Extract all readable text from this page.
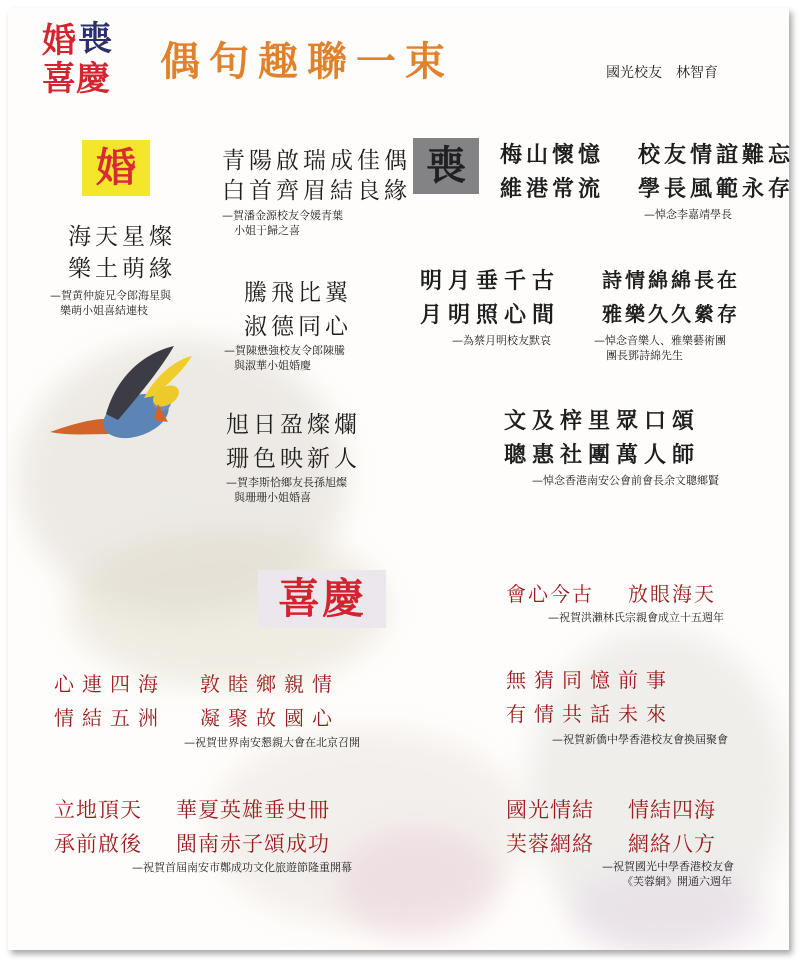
婚 喪
喜慶 偶句趣聯一束	國光校友 林智育
婚	喪
喜慶
青陽啟瑞成佳偶
白首齊眉結良緣
—賀潘金源校友令媛青葉
小姐于歸之喜
海天星燦
樂土萌緣
—賀黄仲旋兄令郎海星與
樂萌小姐喜結連枝
騰飛比翼
淑德同心
—賀陳懋強校友令郎陳騰
與淑華小姐婚慶
旭日盈燦爛
珊色映新人
—賀李斯恰鄉友長孫旭燦
與珊珊小姐婚喜
梅山懷憶 校友情誼難忘
維港常流 學長風範永存
—悼念李嘉靖學長
明月垂千古
月明照心間
—為蔡月明校友默哀
詩情綿綿長在
雅樂久久縈存
—悼念音樂人、雅樂藝術團
團長鄧詩綿先生
文及梓里眾口頌
聰惠社團萬人師
—悼念香港南安公會前會長余文聰鄉賢
會心今古 放眼海天
—祝賀洪瀨林氏宗親會成立十五週年
心連四海 敦睦鄉親情
情結五洲 凝聚故國心
—祝賀世界南安懇親大會在北京召開
無猜同憶前事
有情共話未來
—祝賀新僑中學香港校友會換屆聚會
立地頂天 華夏英雄垂史冊
承前啟後 閩南赤子頌成功
—祝賀首屆南安市鄭成功文化旅遊節隆重開幕
國光情結 情結四海
芙蓉網絡 網絡八方
—祝賀國光中學香港校友會
《芙蓉網》開通六週年
